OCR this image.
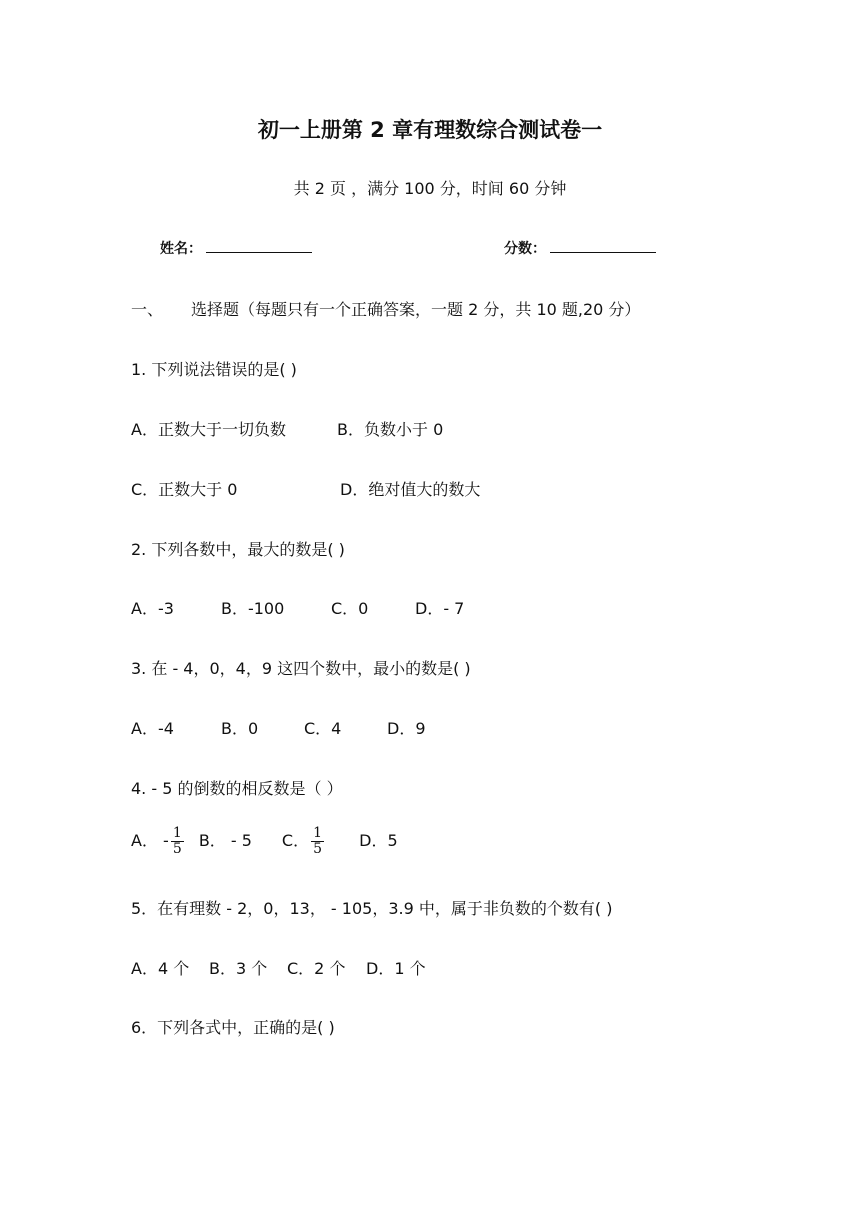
初一上册第 2 章有理数综合测试卷一
共 2 页 ，满分 100 分，时间 60 分钟
姓名：	分数：
一、 选择题（每题只有一个正确答案，一题 2 分，共 10 题,20 分）
1. 下列说法错误的是( )
A．正数大于一切负数	B．负数小于 0
C．正数大于 0	D．绝对值大的数大
2. 下列各数中，最大的数是( )
A．-3	B．-100	C．0	D．- 7
3. 在 - 4，0，4，9 这四个数中，最小的数是( )
A．-4	B．0	C．4	D．9
4. - 5 的倒数的相反数是（ ）
A． - $\frac{1}{5}$ B． - 5 C． $\frac{1}{5}$ D．5
5．在有理数 - 2，0，13， - 105，3.9 中，属于非负数的个数有( )
A．4 个 B．3 个 C．2 个 D．1 个
6．下列各式中，正确的是( )
